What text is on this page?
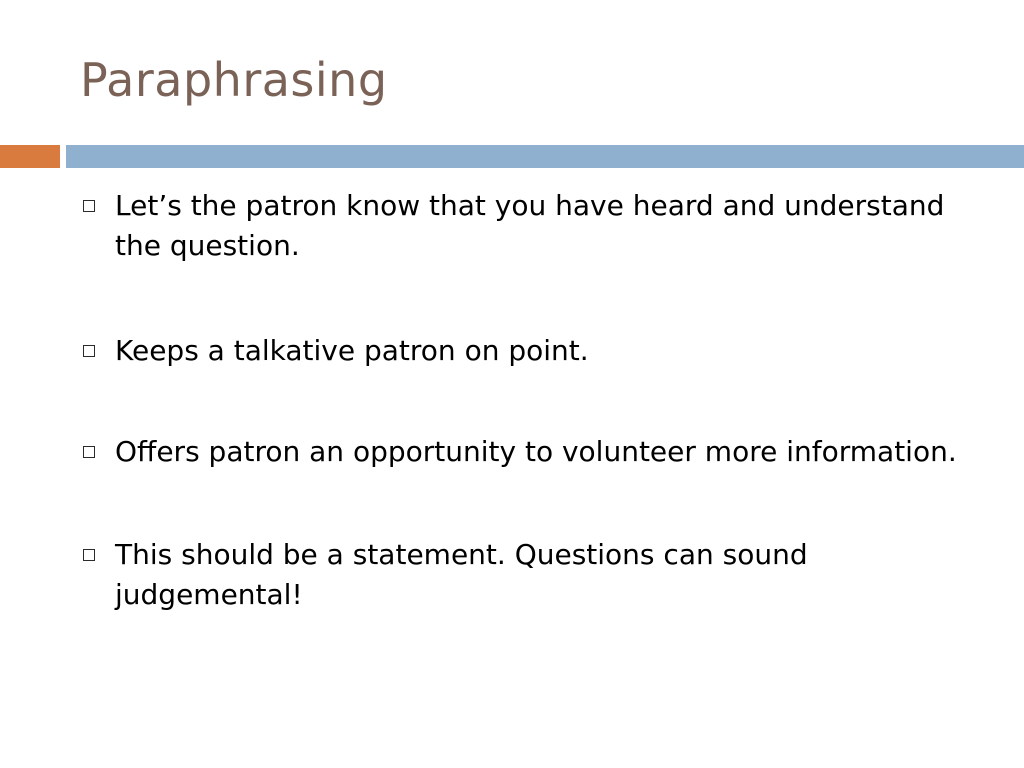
Paraphrasing
Let’s the patron know that you have heard and understand the question.
Keeps a talkative patron on point.
Offers patron an opportunity to volunteer more information.
This should be a statement. Questions can sound judgemental!
